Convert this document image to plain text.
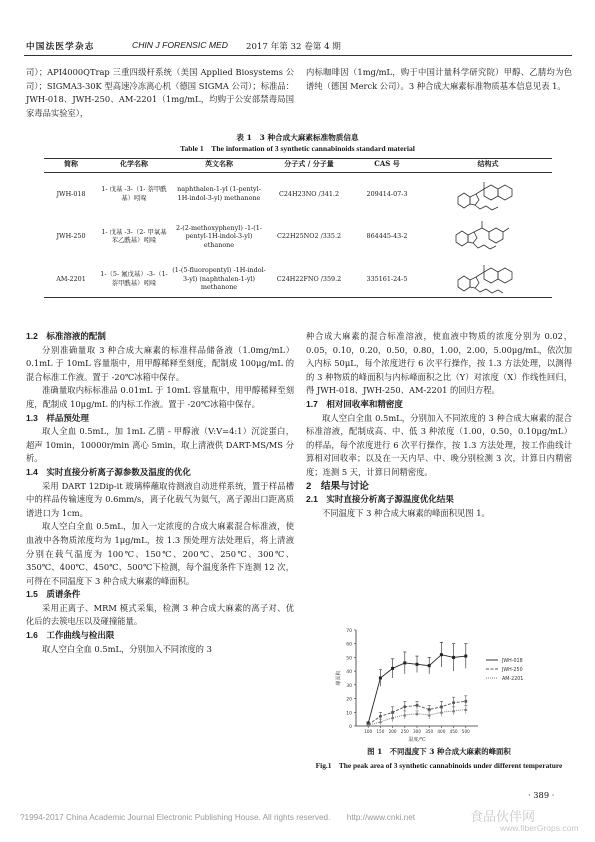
中国法医学杂志	CHIN J FORENSIC MED 2017 年第 32 卷第 4 期

司）；API4000QTrap 三重四级杆系统（美国 Applied Biosystems 公司）；SIGMA3-30K 型高速冷冻离心机（德国 SIGMA 公司）；标准品：JWH-018、JWH-250、AM-2201（1mg/mL，均购于公安部禁毒局国家毒品实验室），

内标咖啡因（1mg/mL，购于中国计量科学研究院）甲醇、乙腈均为色谱纯（德国 Merck 公司）。3 种合成大麻素标准物质基本信息见表 1。

表 1　3 种合成大麻素标准物质信息
Table 1　The information of 3 synthetic cannabinoids standard material
简称	化学名称	英文名称	分子式 / 分子量	CAS 号	结构式
JWH-018	1- 戊基 -3-（1- 萘甲酰基）吲哚	naphthalen-1-yl (1-pentyl-1H-indol-3-yl) methanone	C24H23NO /341.2	209414-07-3	
JWH-250	1- 戊基 -3-（2- 甲氧基苯乙酰基）吲哚	2-(2-methoxyphenyl) -1-(1-pentyl-1H-indol-3-yl) ethanone	C22H25NO2 /335.2	864445-43-2	
AM-2201	1-（5- 氟戊基）-3-（1- 萘甲酰基）吲哚	(1-(5-fluoropentyl) -1H-indol-3-yl) (naphthalen-1-yl) methanone	C24H22FNO /359.2	335161-24-5	

1.2　标准溶液的配制

分别准确量取 3 种合成大麻素的标准样品储备液（1.0mg/mL）0.1mL 于 10mL 容量瓶中，用甲醇稀释至刻度，配制成 100μg/mL 的混合标准工作液。置于 -20℃冰箱中保存。

准确量取内标标准品 0.01mL 于 10mL 容量瓶中，用甲醇稀释至刻度，配制成 10μg/mL 的内标工作液。置于 -20℃冰箱中保存。

1.3　样品预处理

取人全血 0.5mL，加 1mL 乙腈 - 甲醇液（V:V=4:1）沉淀蛋白，超声 10min，10000r/min 离心 5min，取上清液供 DART-MS/MS 分析。

1.4　实时直接分析离子源参数及温度的优化

采用 DART 12Dip-it 玻璃棒蘸取待测液自动进样系统，置于样品槽中的样品传输速度为 0.6mm/s，离子化载气为氦气，离子源出口距离质谱进口为 1cm。

取人空白全血 0.5mL，加入一定浓度的合成大麻素混合标准液，使血液中各物质浓度均为 1μg/mL，按 1.3 预处理方法处理后，将上清液分别在载气温度为 100℃、150℃、200℃、250℃、300℃、350℃、400℃、450℃、500℃下检测，每个温度条件下连测 12 次，可得在不同温度下 3 种合成大麻素的峰面积。

1.5　质谱条件

采用正离子、MRM 模式采集，检测 3 种合成大麻素的离子对、优化后的去簇电压以及碰撞能量。

1.6　工作曲线与检出限

取人空白全血 0.5mL，分别加入不同浓度的 3

种合成大麻素的混合标准溶液，使血液中物质的浓度分别为 0.02，0.05，0.10，0.20，0.50，0.80，1.00，2.00，5.00μg/mL，依次加入内标 50μL，每个浓度进行 6 次平行操作，按 1.3 方法处理，以测得的 3 种物质的峰面积与内标峰面积之比（Y）对浓度（X）作线性回归，得 JWH-018、JWH-250、AM-2201 的回归方程。

1.7　相对回收率和精密度

取人空白全血 0.5mL，分别加入不同浓度的 3 种合成大麻素的混合标准溶液，配制成高、中、低 3 种浓度（1.00，0.50，0.10μg/mL）的样品，每个浓度进行 6 次平行操作，按 1.3 方法处理，按工作曲线计算相对回收率；以及在一天内早、中、晚分别检测 3 次，计算日内精密度；连测 5 天，计算日间精密度。

2　结果与讨论

2.1　实时直接分析离子源温度优化结果

不同温度下 3 种合成大麻素的峰面积见图 1。

0
10
20
30
40
50
60
70
100 150 200 250 300 350 400 450 500
峰面积
温度/℃
JWH-018
JWH-250
AM-2201
图 1　不同温度下 3 种合成大麻素的峰面积
Fig.1　The peak area of 3 synthetic cannabinoids under different temperature
· 389 ·
?1994-2017 China Academic Journal Electronic Publishing House. All rights reserved.　　http://www.cnki.net	食品伙伴网
www.fiberGrops.com
